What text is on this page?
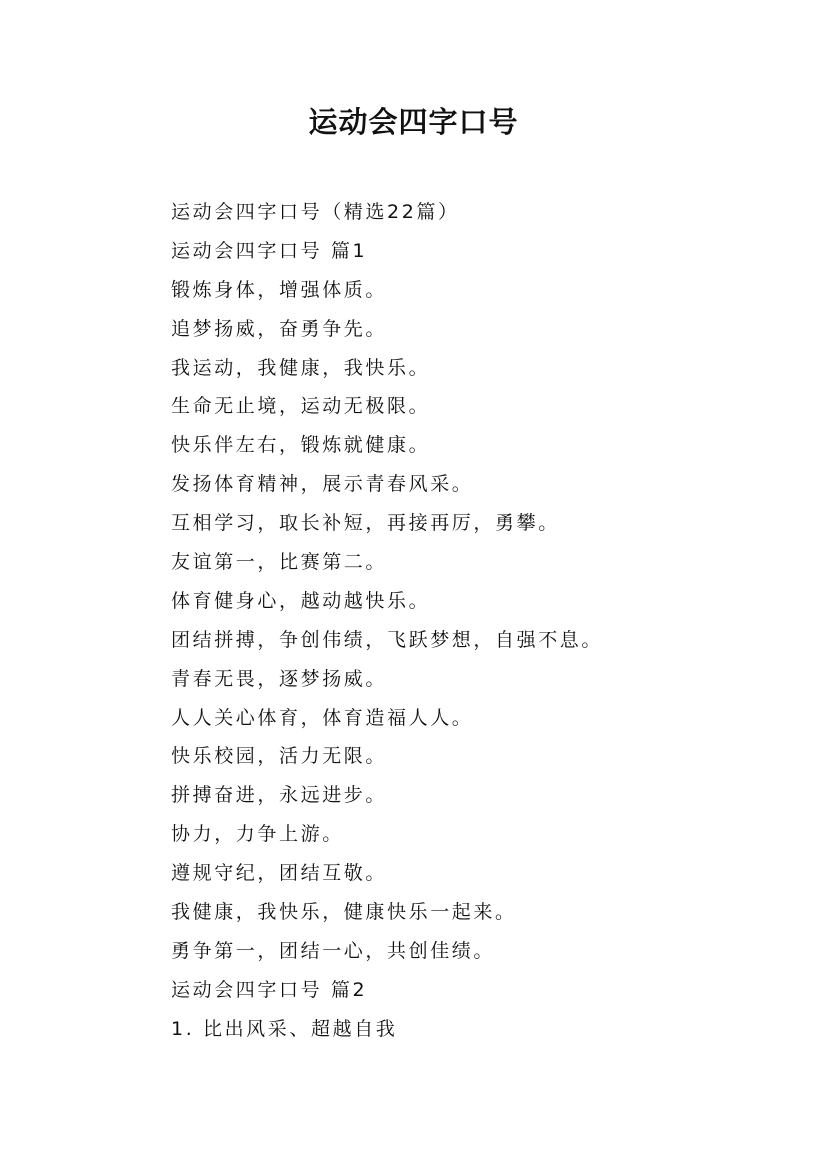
运动会四字口号
运动会四字口号（精选22篇）
运动会四字口号 篇1
锻炼身体，增强体质。
追梦扬威，奋勇争先。
我运动，我健康，我快乐。
生命无止境，运动无极限。
快乐伴左右，锻炼就健康。
发扬体育精神，展示青春风采。
互相学习，取长补短，再接再厉，勇攀。
友谊第一，比赛第二。
体育健身心，越动越快乐。
团结拼搏，争创伟绩，飞跃梦想，自强不息。
青春无畏，逐梦扬威。
人人关心体育，体育造福人人。
快乐校园，活力无限。
拼搏奋进，永远进步。
协力，力争上游。
遵规守纪，团结互敬。
我健康，我快乐，健康快乐一起来。
勇争第一，团结一心，共创佳绩。
运动会四字口号 篇2
1. 比出风采、超越自我
